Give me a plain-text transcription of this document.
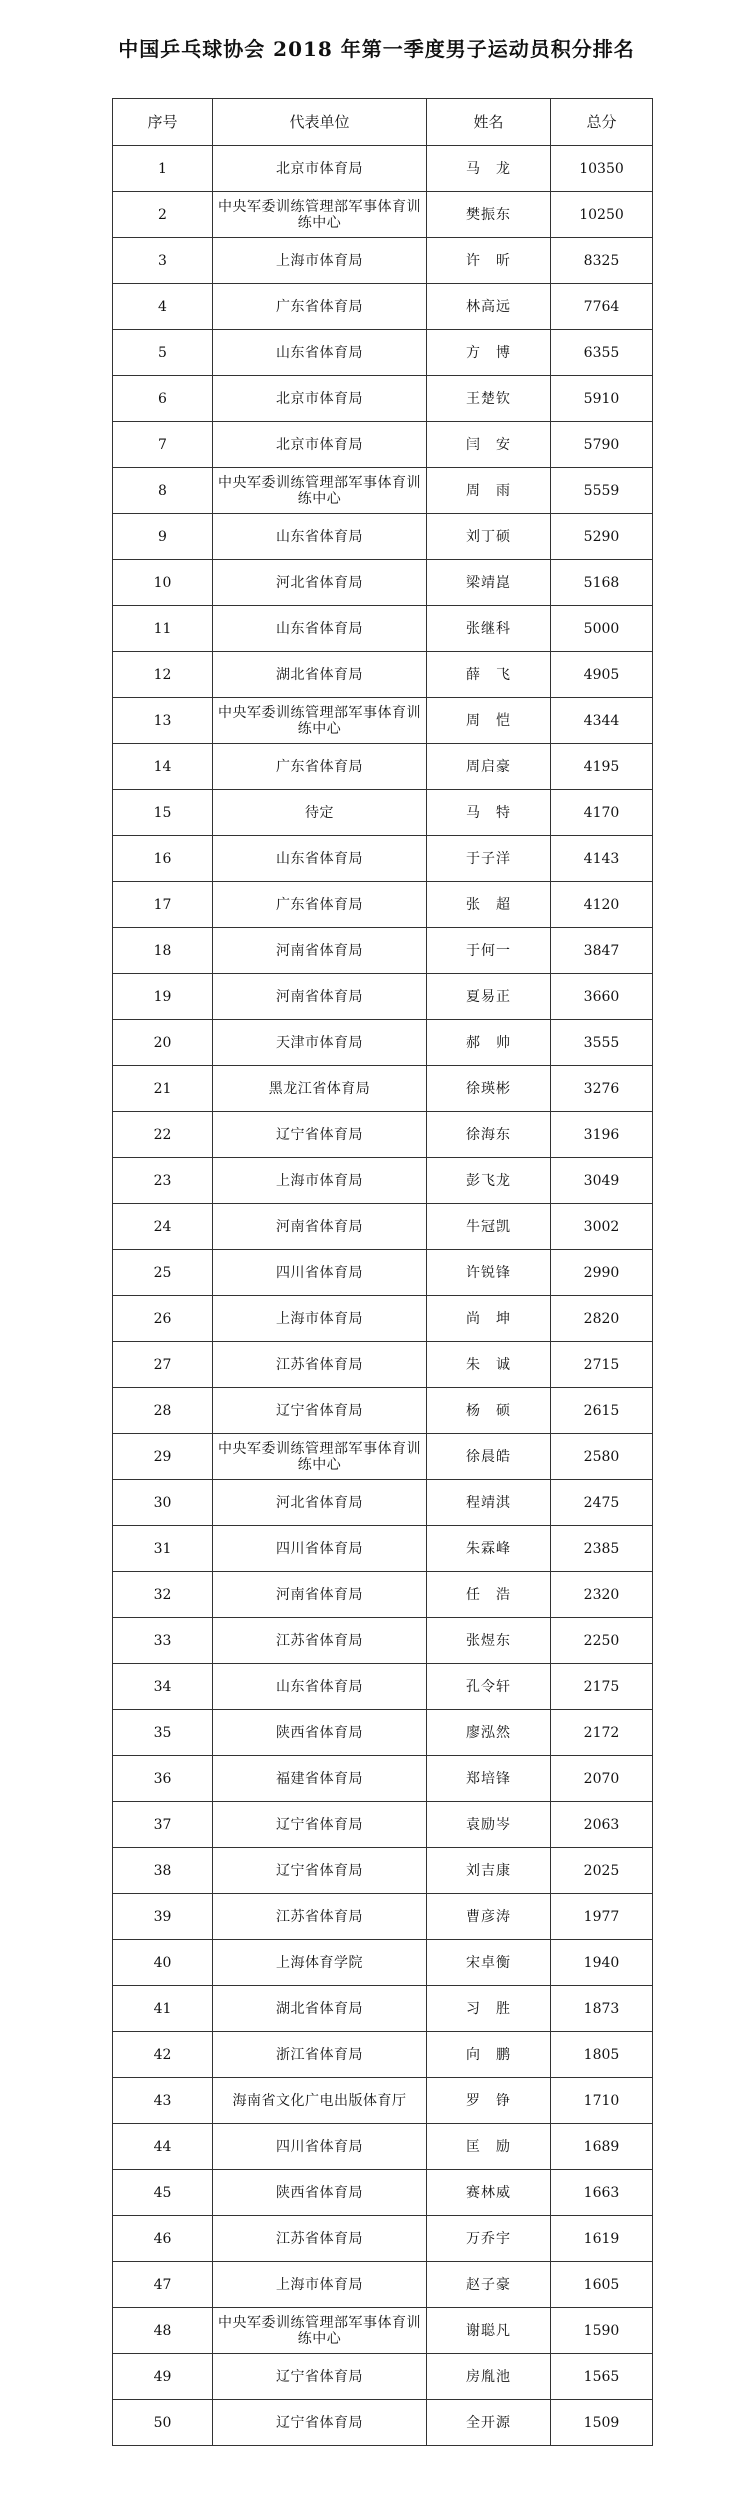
中国乒乓球协会 2018 年第一季度男子运动员积分排名
序号	代表单位	姓名	总分
1	北京市体育局	马　龙	10350
2	中央军委训练管理部军事体育训练中心	樊振东	10250
3	上海市体育局	许　昕	8325
4	广东省体育局	林高远	7764
5	山东省体育局	方　博	6355
6	北京市体育局	王楚钦	5910
7	北京市体育局	闫　安	5790
8	中央军委训练管理部军事体育训练中心	周　雨	5559
9	山东省体育局	刘丁硕	5290
10	河北省体育局	梁靖崑	5168
11	山东省体育局	张继科	5000
12	湖北省体育局	薛　飞	4905
13	中央军委训练管理部军事体育训练中心	周　恺	4344
14	广东省体育局	周启豪	4195
15	待定	马　特	4170
16	山东省体育局	于子洋	4143
17	广东省体育局	张　超	4120
18	河南省体育局	于何一	3847
19	河南省体育局	夏易正	3660
20	天津市体育局	郝　帅	3555
21	黑龙江省体育局	徐瑛彬	3276
22	辽宁省体育局	徐海东	3196
23	上海市体育局	彭飞龙	3049
24	河南省体育局	牛冠凯	3002
25	四川省体育局	许锐锋	2990
26	上海市体育局	尚　坤	2820
27	江苏省体育局	朱　诚	2715
28	辽宁省体育局	杨　硕	2615
29	中央军委训练管理部军事体育训练中心	徐晨皓	2580
30	河北省体育局	程靖淇	2475
31	四川省体育局	朱霖峰	2385
32	河南省体育局	任　浩	2320
33	江苏省体育局	张煜东	2250
34	山东省体育局	孔令轩	2175
35	陕西省体育局	廖泓然	2172
36	福建省体育局	郑培锋	2070
37	辽宁省体育局	袁励岑	2063
38	辽宁省体育局	刘吉康	2025
39	江苏省体育局	曹彦涛	1977
40	上海体育学院	宋卓衡	1940
41	湖北省体育局	习　胜	1873
42	浙江省体育局	向　鹏	1805
43	海南省文化广电出版体育厅	罗　铮	1710
44	四川省体育局	匡　励	1689
45	陕西省体育局	赛林威	1663
46	江苏省体育局	万乔宇	1619
47	上海市体育局	赵子豪	1605
48	中央军委训练管理部军事体育训练中心	谢聪凡	1590
49	辽宁省体育局	房胤池	1565
50	辽宁省体育局	全开源	1509
